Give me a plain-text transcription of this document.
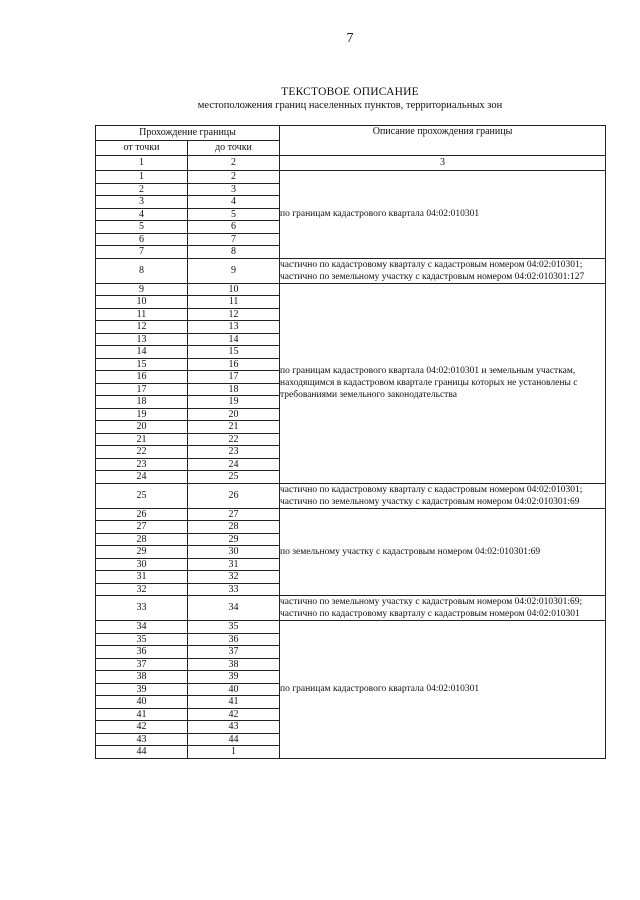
7
ТЕКСТОВОЕ ОПИСАНИЕ
местоположения границ населенных пунктов, территориальных зон
Прохождение границы		Описание прохождения границы
от точки	до точки	
1	2	3
1	2	по границам кадастрового квартала 04:02:010301
2	3	
3	4	
4	5	
5	6	
6	7	
7	8	
8	9	частично по кадастровому кварталу с кадастровым номером 04:02:010301; частично по земельному участку с кадастровым номером 04:02:010301:127
9	10	по границам кадастрового квартала 04:02:010301 и земельным участкам, находящимся в кадастровом квартале границы которых не установлены с требованиями земельного законодательства
10	11	
11	12	
12	13	
13	14	
14	15	
15	16	
16	17	
17	18	
18	19	
19	20	
20	21	
21	22	
22	23	
23	24	
24	25	
25	26	частично по кадастровому кварталу с кадастровым номером 04:02:010301; частично по земельному участку с кадастровым номером 04:02:010301:69
26	27	по земельному участку с кадастровым номером 04:02:010301:69
27	28	
28	29	
29	30	
30	31	
31	32	
32	33	
33	34	частично по земельному участку с кадастровым номером 04:02:010301:69; частично по кадастровому кварталу с кадастровым номером 04:02:010301
34	35	по границам кадастрового квартала 04:02:010301
35	36	
36	37	
37	38	
38	39	
39	40	
40	41	
41	42	
42	43	
43	44	
44	1	
